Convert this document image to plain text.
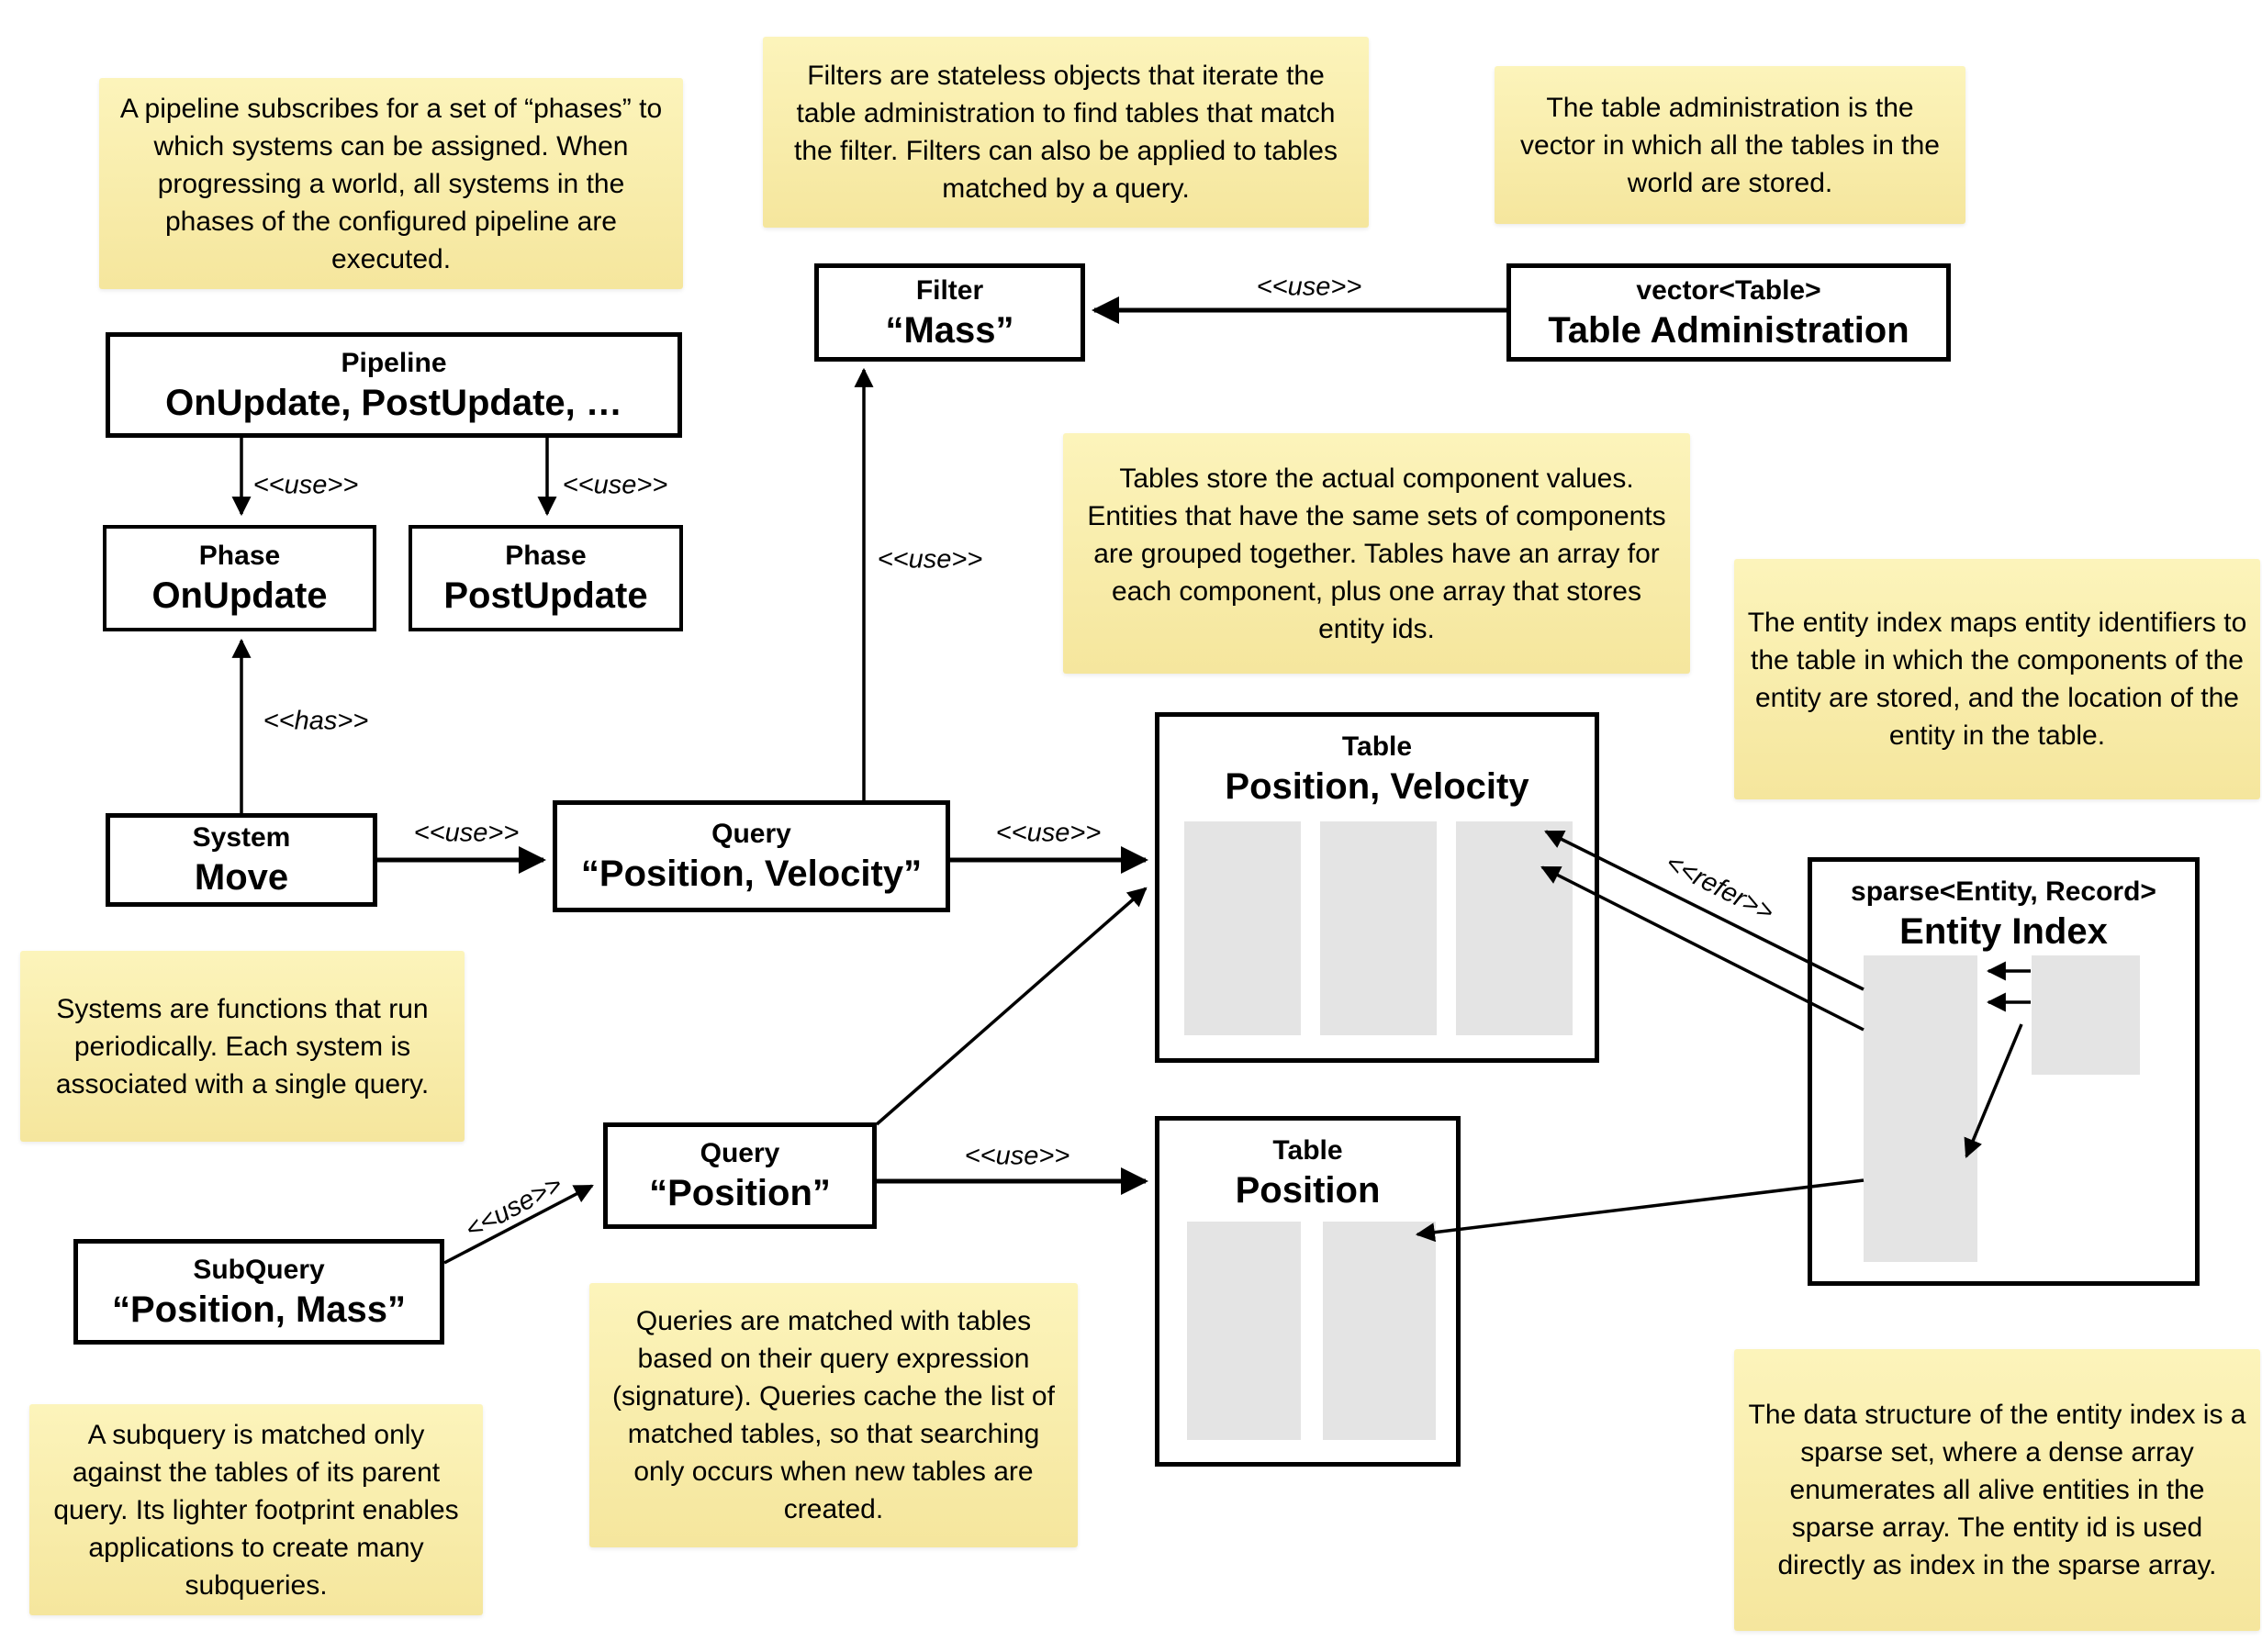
A pipeline subscribes for a set of “phases” to which systems can be assigned. When progressing a world, all systems in the phases of the configured pipeline are executed.
Filters are stateless objects that iterate the table administration to find tables that match the filter. Filters can also be applied to tables matched by a query.
The table administration is the vector in which all the tables in the world are stored.
Tables store the actual component values. Entities that have the same sets of components are grouped together. Tables have an array for each component, plus one array that stores entity ids.	The entity index maps entity identifiers to the table in which the components of the entity are stored, and the location of the entity in the table.
Systems are functions that run periodically. Each system is associated with a single query.
Queries are matched with tables based on their query expression (signature). Queries cache the list of matched tables, so that searching only occurs when new tables are created.
A subquery is matched only against the tables of its parent query. Its lighter footprint enables applications to create many subqueries.
The data structure of the entity index is a sparse set, where a dense array enumerates all alive entities in the sparse array. The entity id is used directly as index in the sparse array.
Pipeline
OnUpdate, PostUpdate, …
Phase
OnUpdate
Phase
PostUpdate
Filter
“Mass”
vector<Table>
Table Administration
System
Move
Query
“Position, Velocity”
Table
Position, Velocity
Query
“Position”
SubQuery
“Position, Mass”
Table
Position
sparse<Entity, Record>
Entity Index
<<use>>	<<use>>
<<has>>
<<use>>
<<use>>
<<use>>
<<use>>
<<use>>
<<use>>
<<refer>>
